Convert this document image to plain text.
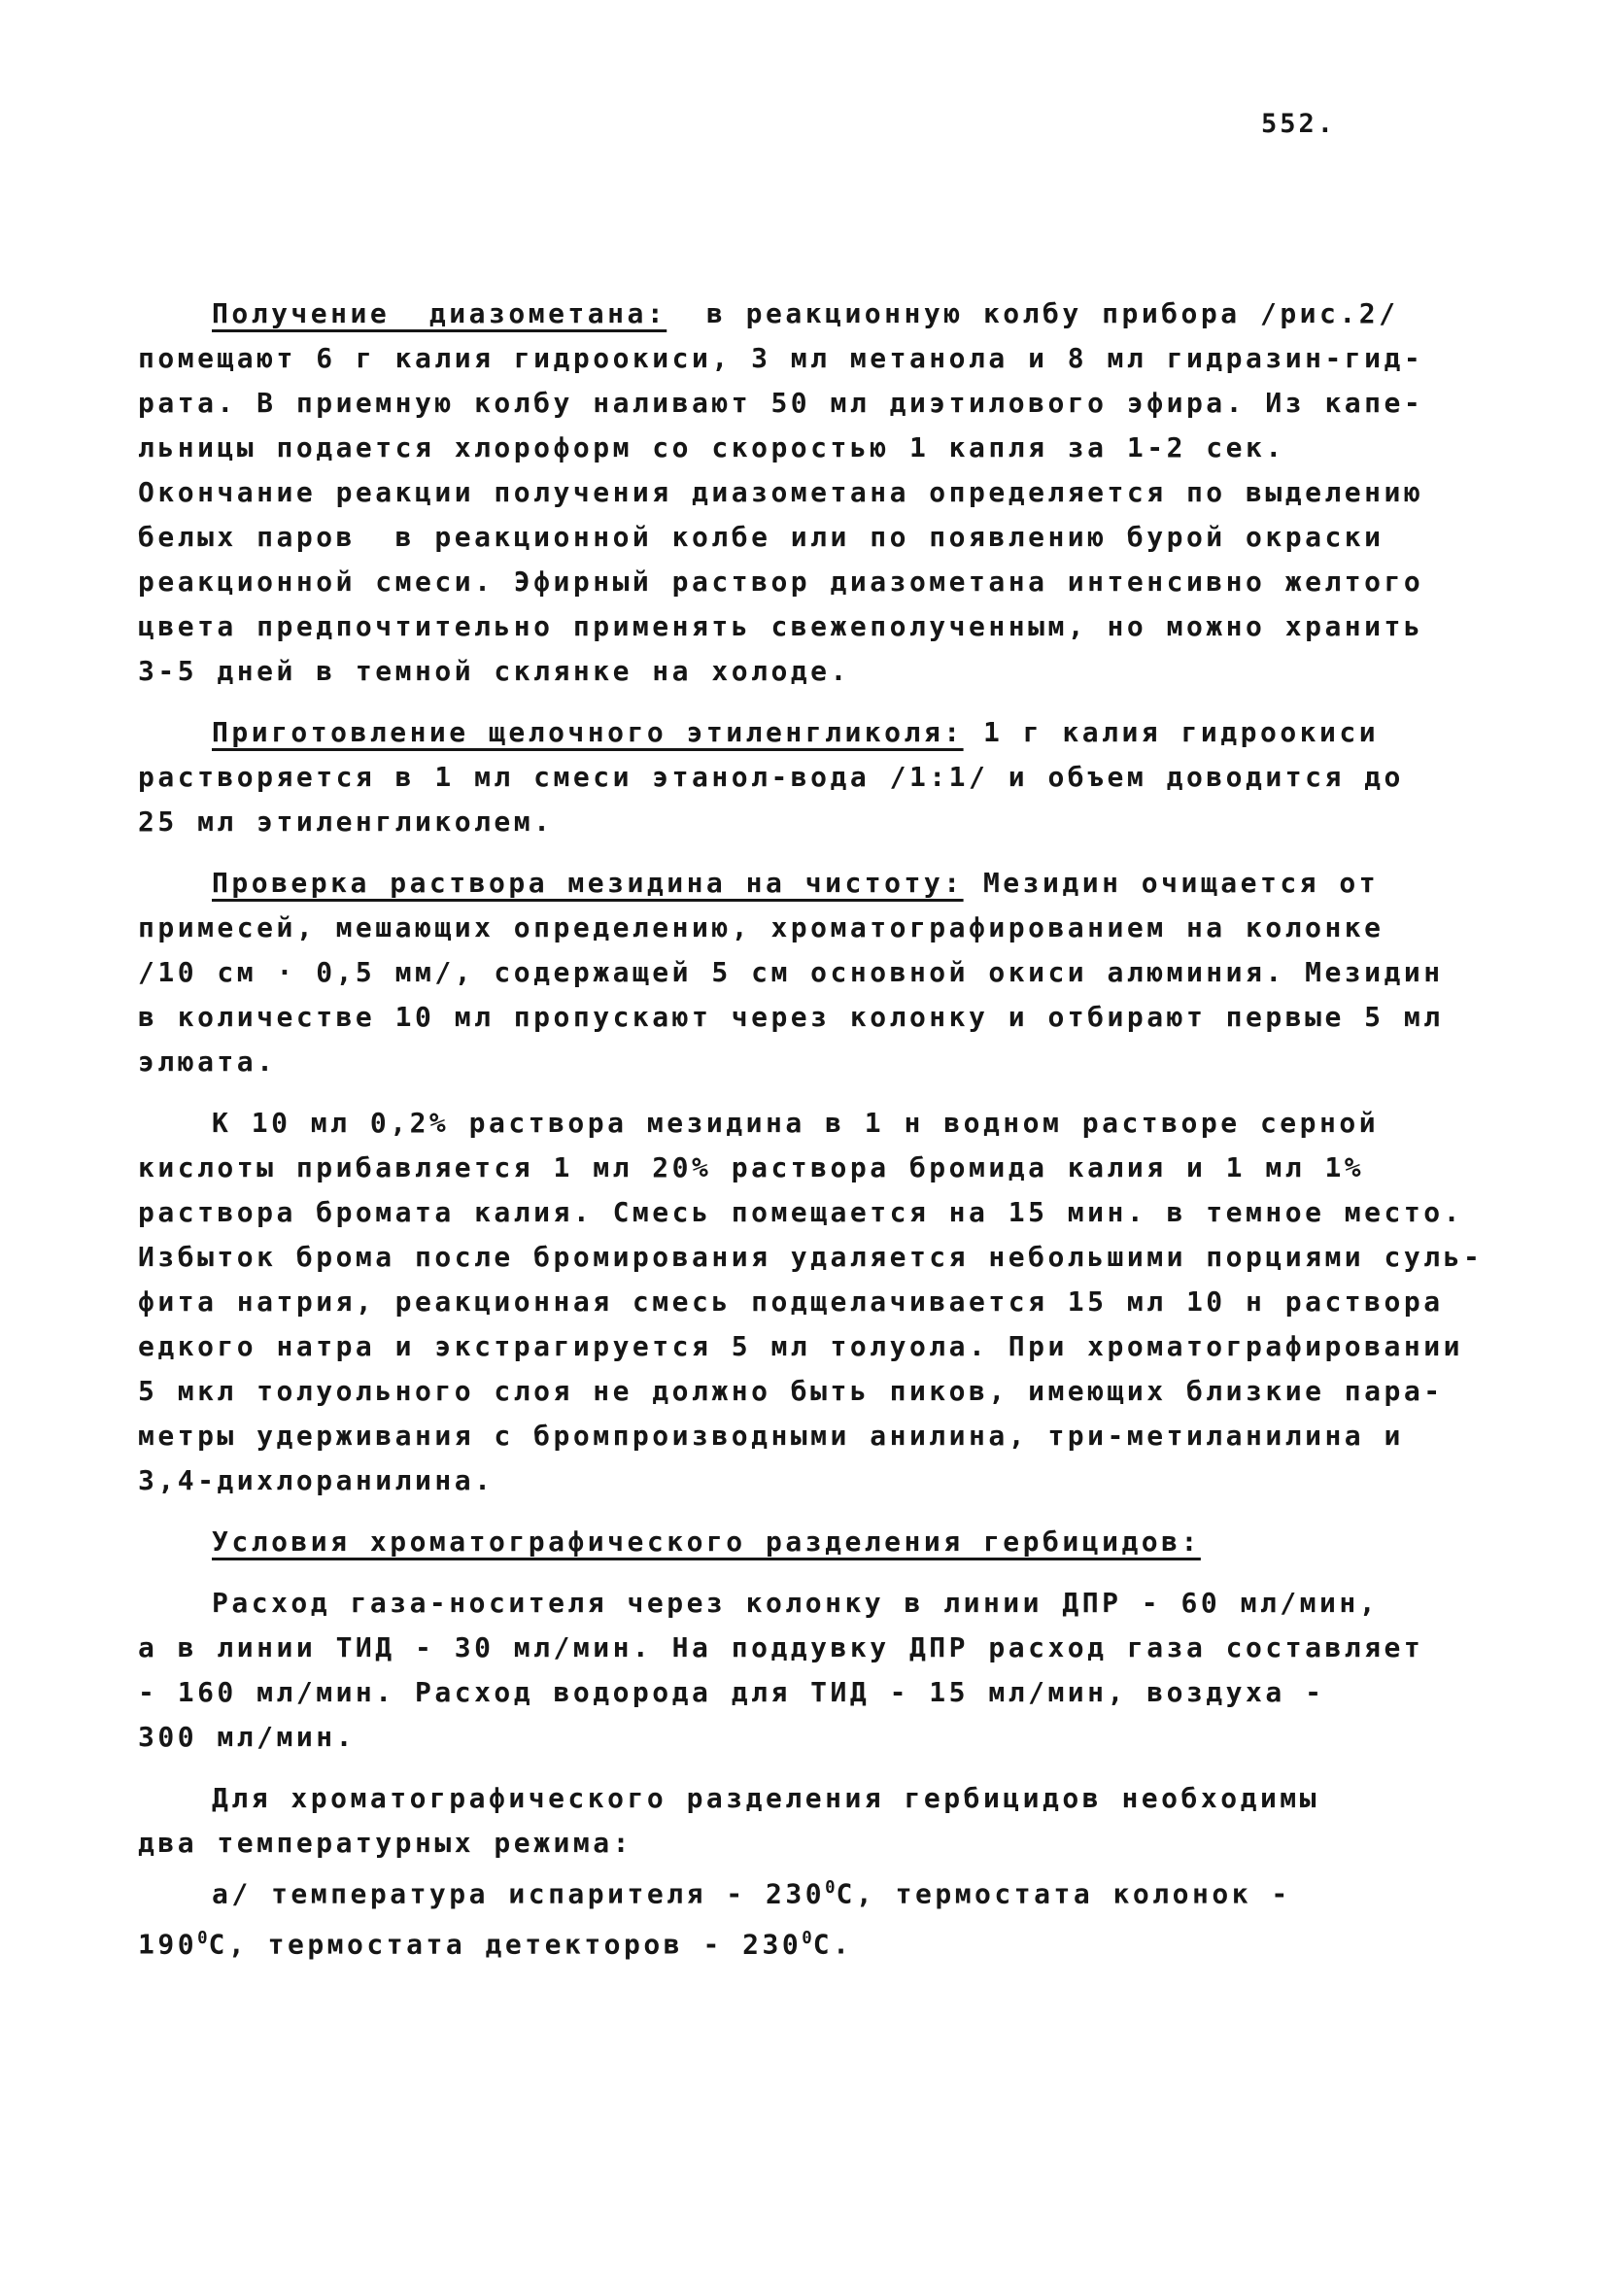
552.
Получение  диазометана:  в реакционную колбу прибора /рис.2/
помещают 6 г калия гидроокиси, 3 мл метанола и 8 мл гидразин-гид-
рата. В приемную колбу наливают 50 мл диэтилового эфира. Из капе-
льницы подается хлороформ со скоростью 1 капля за 1-2 сек.
Окончание реакции получения диазометана определяется по выделению
белых паров  в реакционной колбе или по появлению бурой окраски
реакционной смеси. Эфирный раствор диазометана интенсивно желтого
цвета предпочтительно применять свежеполученным, но можно хранить
3-5 дней в темной склянке на холоде.
Приготовление щелочного этиленгликоля: 1 г калия гидроокиси
растворяется в 1 мл смеси этанол-вода /1:1/ и объем доводится до
25 мл этиленгликолем.
Проверка раствора мезидина на чистоту: Мезидин очищается от
примесей, мешающих определению, хроматографированием на колонке
/10 см · 0,5 мм/, содержащей 5 см основной окиси алюминия. Мезидин
в количестве 10 мл пропускают через колонку и отбирают первые 5 мл
элюата.
К 10 мл 0,2% раствора мезидина в 1 н водном растворе серной
кислоты прибавляется 1 мл 20% раствора бромида калия и 1 мл 1%
раствора бромата калия. Смесь помещается на 15 мин. в темное место.
Избыток брома после бромирования удаляется небольшими порциями суль-
фита натрия, реакционная смесь подщелачивается 15 мл 10 н раствора
едкого натра и экстрагируется 5 мл толуола. При хроматографировании
5 мкл толуольного слоя не должно быть пиков, имеющих близкие пара-
метры удерживания с бромпроизводными анилина, три-метиланилина и
3,4-дихлоранилина.
Условия хроматографического разделения гербицидов:
Расход газа-носителя через колонку в линии ДПР - 60 мл/мин,
а в линии ТИД - 30 мл/мин. На поддувку ДПР расход газа составляет
- 160 мл/мин. Расход водорода для ТИД - 15 мл/мин, воздуха -
300 мл/мин.
Для хроматографического разделения гербицидов необходимы
два температурных режима:
а/ температура испарителя - $230^0С$, термостата колонок -
$190^0С$, термостата детекторов - $230^0С$.
